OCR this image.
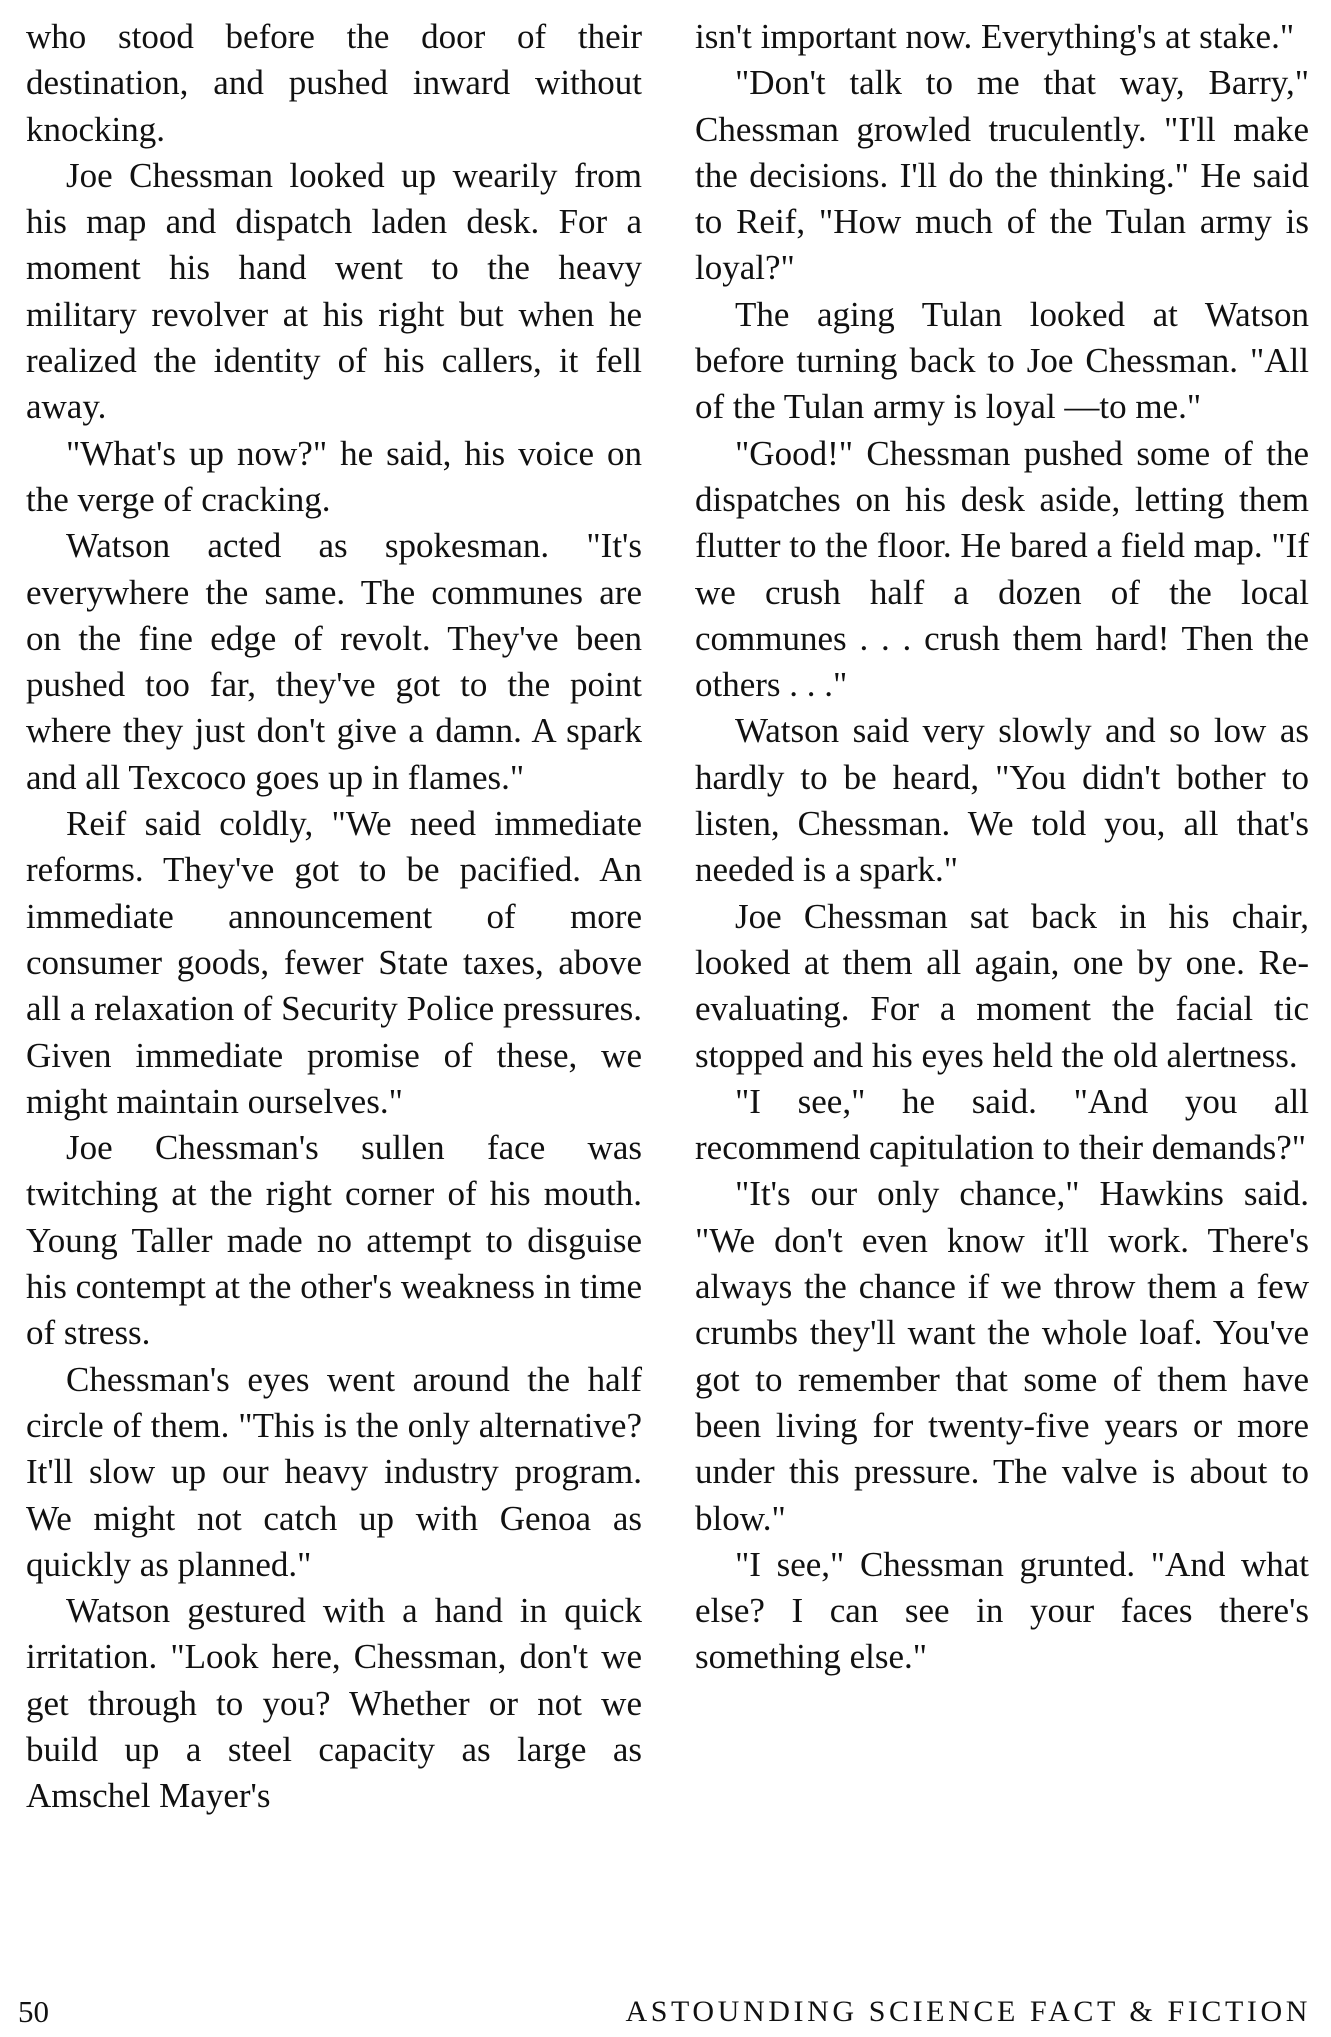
who stood before the door of their destination, and pushed inward without knocking.

Joe Chessman looked up wearily from his map and dispatch laden desk. For a moment his hand went to the heavy military revolver at his right but when he realized the identity of his callers, it fell away.

"What's up now?" he said, his voice on the verge of cracking.

Watson acted as spokesman. "It's everywhere the same. The communes are on the fine edge of revolt. They've been pushed too far, they've got to the point where they just don't give a damn. A spark and all Texcoco goes up in flames."

Reif said coldly, "We need immediate reforms. They've got to be pacified. An immediate announcement of more consumer goods, fewer State taxes, above all a relaxation of Security Police pressures. Given immediate promise of these, we might maintain ourselves."

Joe Chessman's sullen face was twitching at the right corner of his mouth. Young Taller made no attempt to disguise his contempt at the other's weakness in time of stress.

Chessman's eyes went around the half circle of them. "This is the only alternative? It'll slow up our heavy industry program. We might not catch up with Genoa as quickly as planned."

Watson gestured with a hand in quick irritation. "Look here, Chessman, don't we get through to you? Whether or not we build up a steel capacity as large as Amschel Mayer's

isn't important now. Everything's at stake."

"Don't talk to me that way, Barry," Chessman growled truculently. "I'll make the decisions. I'll do the thinking." He said to Reif, "How much of the Tulan army is loyal?"

The aging Tulan looked at Watson before turning back to Joe Chessman. "All of the Tulan army is loyal —to me."

"Good!" Chessman pushed some of the dispatches on his desk aside, letting them flutter to the floor. He bared a field map. "If we crush half a dozen of the local communes . . . crush them hard! Then the others . . ."

Watson said very slowly and so low as hardly to be heard, "You didn't bother to listen, Chessman. We told you, all that's needed is a spark."

Joe Chessman sat back in his chair, looked at them all again, one by one. Re-evaluating. For a moment the facial tic stopped and his eyes held the old alertness.

"I see," he said. "And you all recommend capitulation to their demands?"

"It's our only chance," Hawkins said. "We don't even know it'll work. There's always the chance if we throw them a few crumbs they'll want the whole loaf. You've got to remember that some of them have been living for twenty-five years or more under this pressure. The valve is about to blow."

"I see," Chessman grunted. "And what else? I can see in your faces there's something else."

50	ASTOUNDING SCIENCE FACT & FICTION
